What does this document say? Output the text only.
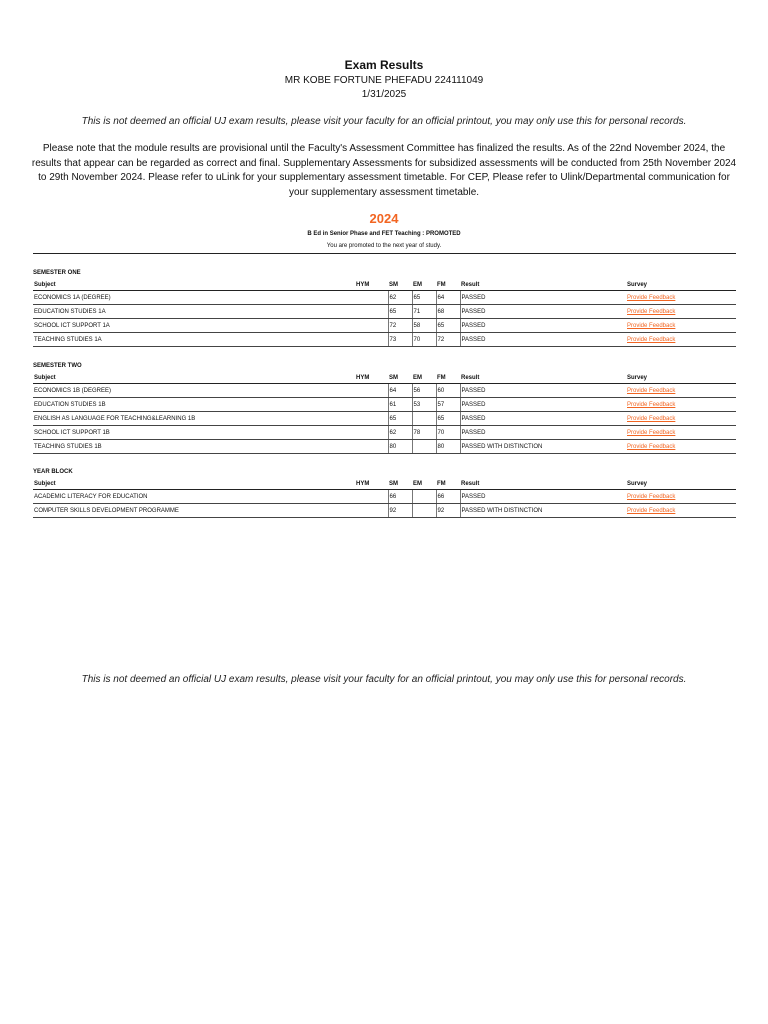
Exam Results
MR KOBE FORTUNE PHEFADU 224111049
1/31/2025
This is not deemed an official UJ exam results, please visit your faculty for an official printout, you may only use this for personal records.
Please note that the module results are provisional until the Faculty's Assessment Committee has finalized the results. As of the 22nd November 2024, the results that appear can be regarded as correct and final. Supplementary Assessments for subsidized assessments will be conducted from 25th November 2024 to 29th November 2024. Please refer to uLink for your supplementary assessment timetable. For CEP, Please refer to Ulink/Departmental communication for your supplementary assessment timetable.
2024
B Ed in Senior Phase and FET Teaching : PROMOTED
You are promoted to the next year of study.
SEMESTER ONE
Subject	HYM	SM	EM	FM	Result	Survey
ECONOMICS 1A (DEGREE)		62	65	64	PASSED	Provide Feedback
EDUCATION STUDIES 1A		65	71	68	PASSED	Provide Feedback
SCHOOL ICT SUPPORT 1A		72	58	65	PASSED	Provide Feedback
TEACHING STUDIES 1A		73	70	72	PASSED	Provide Feedback
SEMESTER TWO
Subject	HYM	SM	EM	FM	Result	Survey
ECONOMICS 1B (DEGREE)		64	56	60	PASSED	Provide Feedback
EDUCATION STUDIES 1B		61	53	57	PASSED	Provide Feedback
ENGLISH AS LANGUAGE FOR TEACHING&LEARNING 1B		65		65	PASSED	Provide Feedback
SCHOOL ICT SUPPORT 1B		62	78	70	PASSED	Provide Feedback
TEACHING STUDIES 1B		80		80	PASSED WITH DISTINCTION	Provide Feedback
YEAR BLOCK
Subject	HYM	SM	EM	FM	Result	Survey
ACADEMIC LITERACY FOR EDUCATION		66		66	PASSED	Provide Feedback
COMPUTER SKILLS DEVELOPMENT PROGRAMME		92		92	PASSED WITH DISTINCTION	Provide Feedback
This is not deemed an official UJ exam results, please visit your faculty for an official printout, you may only use this for personal records.
